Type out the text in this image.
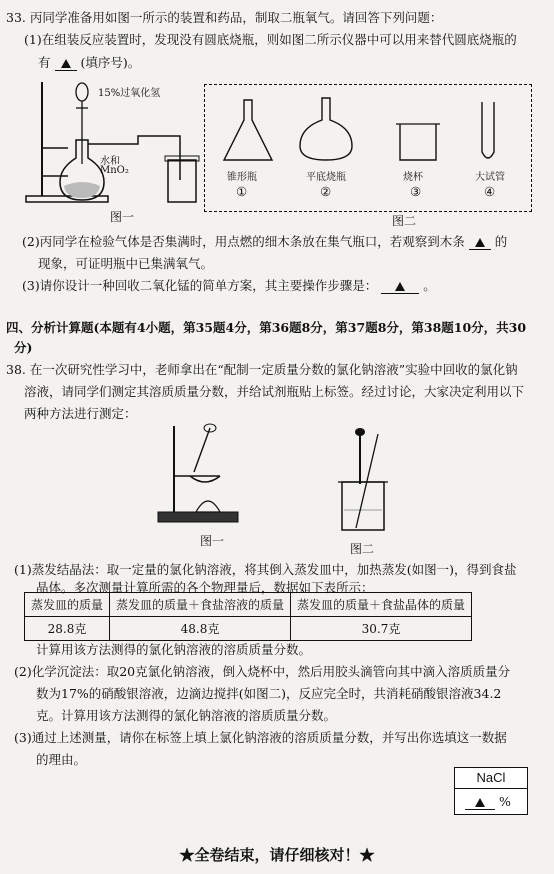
33. 丙同学准备用如图一所示的装置和药品，制取二瓶氧气。请回答下列问题：
(1)在组装反应装置时，发现没有圆底烧瓶，则如图二所示仪器中可以用来替代圆底烧瓶的
有 (填序号)。
15%过氧化氢
水和
MnO₂
图一
锥形瓶	平底烧瓶	烧杯	大试管
①	②	③	④
图二
(2)丙同学在检验气体是否集满时，用点燃的细木条放在集气瓶口，若观察到木条 的
现象，可证明瓶中已集满氧气。
(3)请你设计一种回收二氧化锰的简单方案，其主要操作步骤是：	。
四、分析计算题(本题有4小题，第35题4分，第36题8分，第37题8分，第38题10分，共30
分)
38. 在一次研究性学习中，老师拿出在“配制一定质量分数的氯化钠溶液”实验中回收的氯化钠
溶液，请同学们测定其溶质质量分数，并给试剂瓶贴上标签。经过讨论，大家决定利用以下
两种方法进行测定：
图一
图二
(1)蒸发结晶法：取一定量的氯化钠溶液，将其倒入蒸发皿中，加热蒸发(如图一)，得到食盐
晶体。多次测量计算所需的各个物理量后，数据如下表所示：
蒸发皿的质量	蒸发皿的质量＋食盐溶液的质量	蒸发皿的质量＋食盐晶体的质量
28.8克	48.8克	30.7克
计算用该方法测得的氯化钠溶液的溶质质量分数。
(2)化学沉淀法：取20克氯化钠溶液，倒入烧杯中，然后用胶头滴管向其中滴入溶质质量分
数为17%的硝酸银溶液，边滴边搅拌(如图二)，反应完全时，共消耗硝酸银溶液34.2
克。计算用该方法测得的氯化钠溶液的溶质质量分数。
(3)通过上述测量，请你在标签上填上氯化钠溶液的溶质质量分数，并写出你选填这一数据
的理由。
NaCl
%
★全卷结束，请仔细核对！★
